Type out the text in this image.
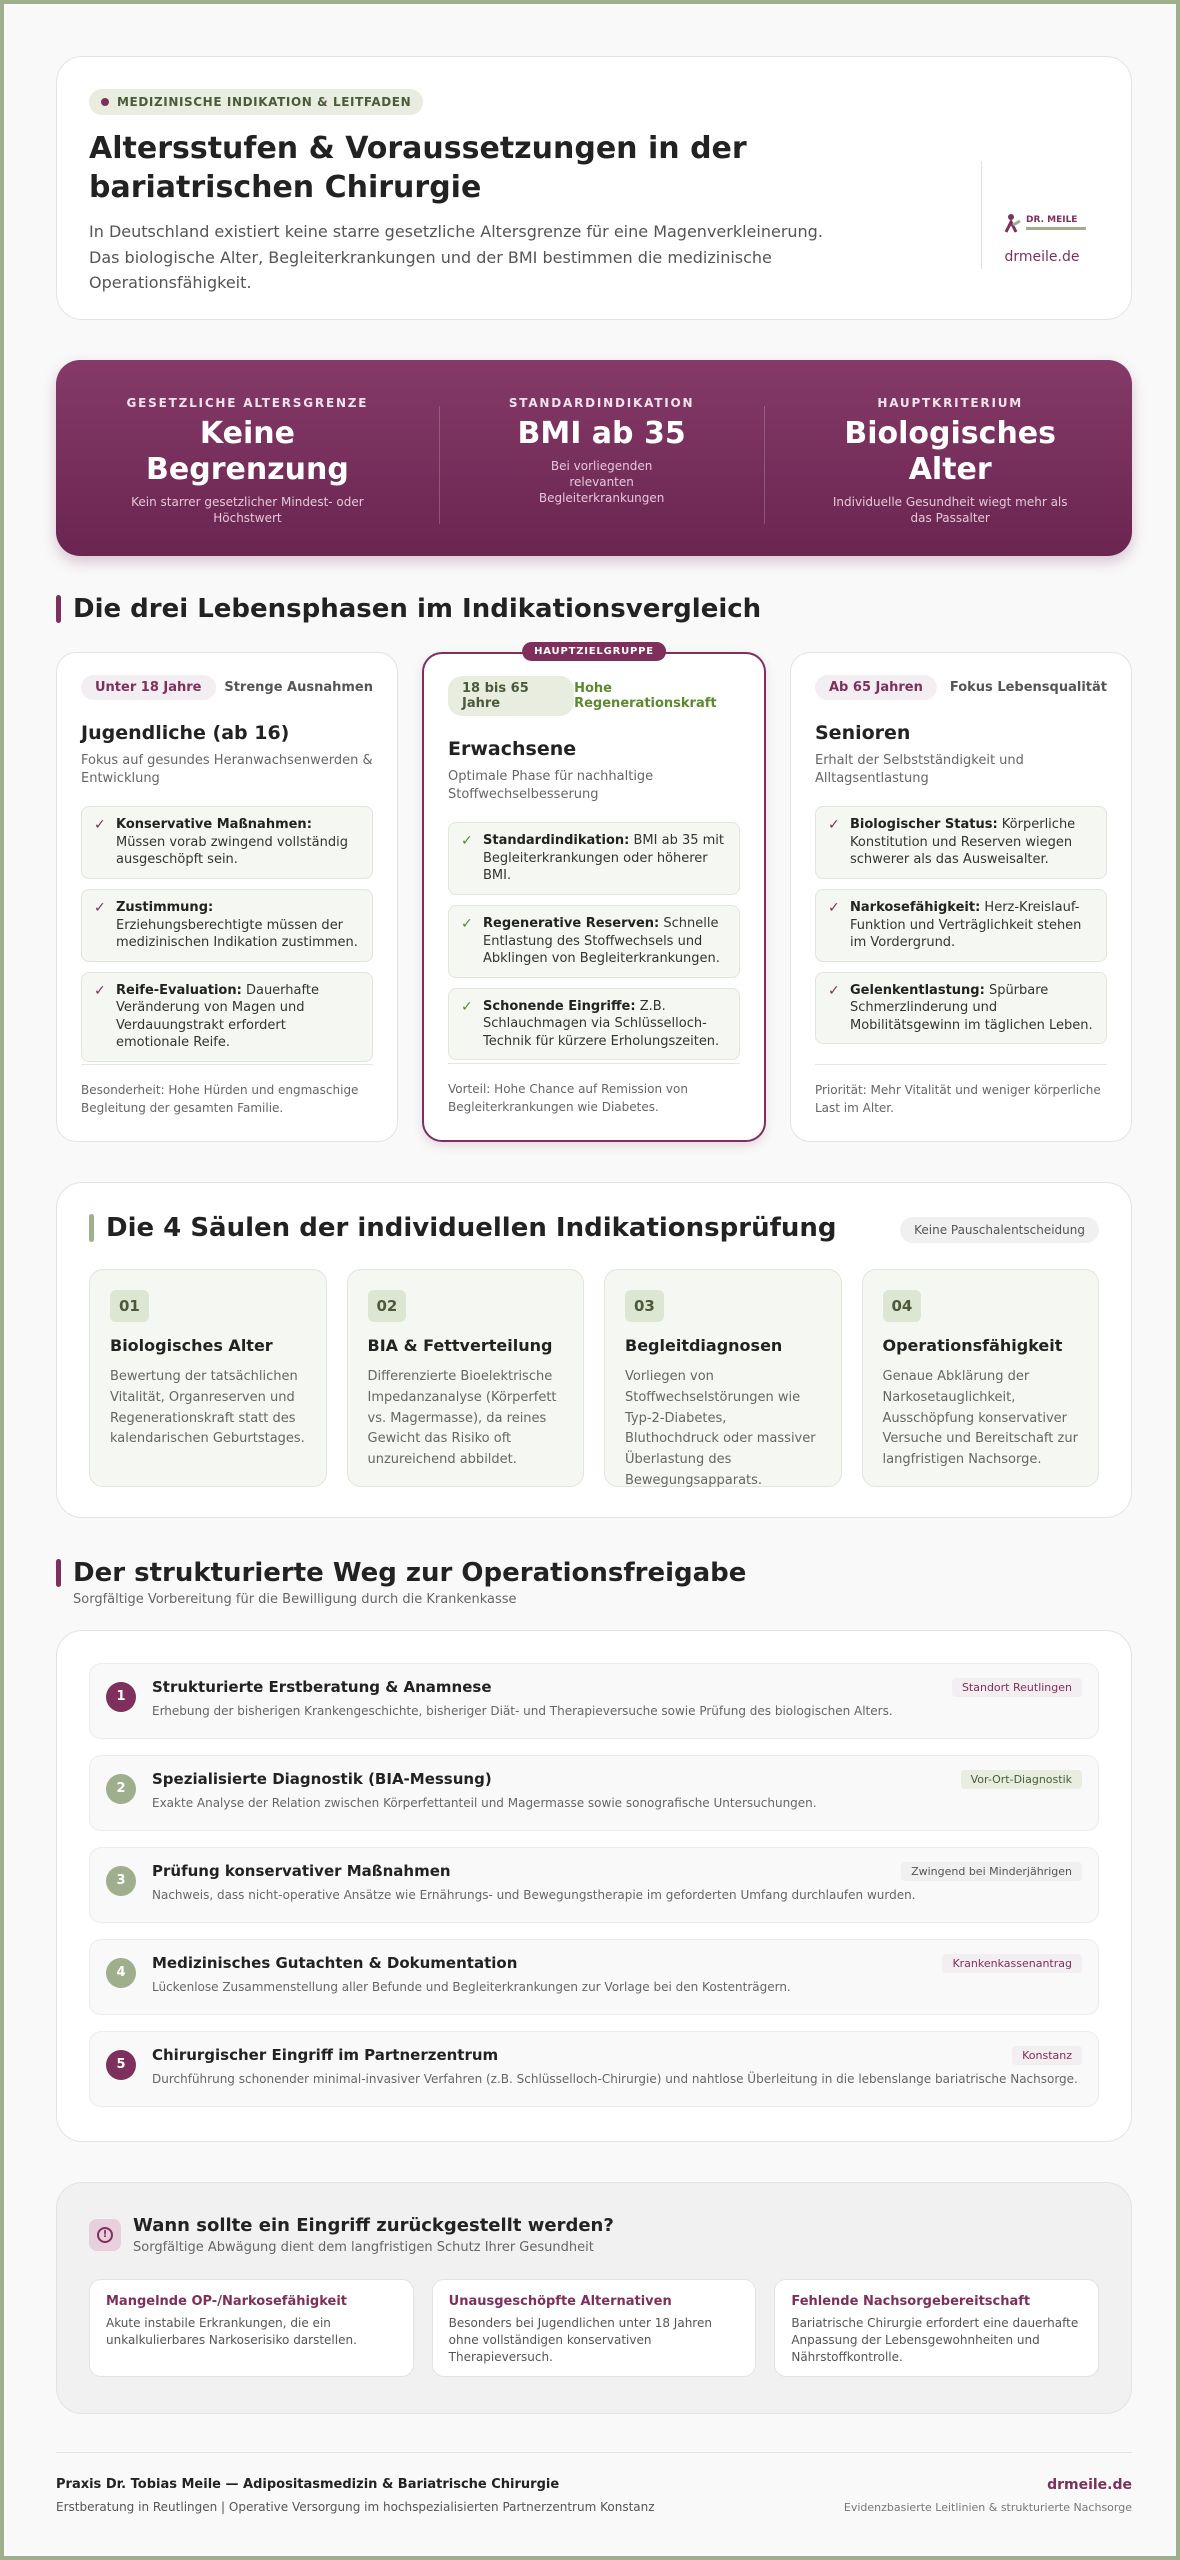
MEDIZINISCHE INDIKATION & LEITFADEN
Altersstufen & Voraussetzungen in der bariatrischen Chirurgie
In Deutschland existiert keine starre gesetzliche Altersgrenze für eine Magenverkleinerung. Das biologische Alter, Begleiterkrankungen und der BMI bestimmen die medizinische Operationsfähigkeit.
DR. MEILE
drmeile.de
GESETZLICHE ALTERSGRENZE
Keine Begrenzung
Kein starrer gesetzlicher Mindest- oder Höchstwert
STANDARDINDIKATION
BMI ab 35
Bei vorliegenden relevanten Begleiterkrankungen
HAUPTKRITERIUM
Biologisches Alter
Individuelle Gesundheit wiegt mehr als das Passalter
Die drei Lebensphasen im Indikationsvergleich
Unter 18 Jahre	Strenge Ausnahmen
Jugendliche (ab 16)
Fokus auf gesundes Heranwachsenwerden & Entwicklung
✓ Konservative Maßnahmen: Müssen vorab zwingend vollständig ausgeschöpft sein.
✓ Zustimmung: Erziehungsberechtigte müssen der medizinischen Indikation zustimmen.
✓ Reife-Evaluation: Dauerhafte Veränderung von Magen und Verdauungstrakt erfordert emotionale Reife.
Besonderheit: Hohe Hürden und engmaschige Begleitung der gesamten Familie.
HAUPTZIELGRUPPE
18 bis 65 Jahre
Hohe Regenerationskraft
Erwachsene
Optimale Phase für nachhaltige Stoffwechselbesserung
✓ Standardindikation: BMI ab 35 mit Begleiterkrankungen oder höherer BMI.
✓ Regenerative Reserven: Schnelle Entlastung des Stoffwechsels und Abklingen von Begleiterkrankungen.
✓ Schonende Eingriffe: Z.B. Schlauchmagen via Schlüsselloch-Technik für kürzere Erholungszeiten.
Vorteil: Hohe Chance auf Remission von Begleiterkrankungen wie Diabetes.
Ab 65 Jahren	Fokus Lebensqualität
Senioren
Erhalt der Selbstständigkeit und Alltagsentlastung
✓ Biologischer Status: Körperliche Konstitution und Reserven wiegen schwerer als das Ausweisalter.
✓ Narkosefähigkeit: Herz-Kreislauf-Funktion und Verträglichkeit stehen im Vordergrund.
✓ Gelenkentlastung: Spürbare Schmerzlinderung und Mobilitätsgewinn im täglichen Leben.
Priorität: Mehr Vitalität und weniger körperliche Last im Alter.
Die 4 Säulen der individuellen Indikationsprüfung	Keine Pauschalentscheidung
01
Biologisches Alter
Bewertung der tatsächlichen Vitalität, Organreserven und Regenerationskraft statt des kalendarischen Geburtstages.
02
BIA & Fettverteilung
Differenzierte Bioelektrische Impedanzanalyse (Körperfett vs. Magermasse), da reines Gewicht das Risiko oft unzureichend abbildet.
03
Begleitdiagnosen
Vorliegen von Stoffwechselstörungen wie Typ-2-Diabetes, Bluthochdruck oder massiver Überlastung des Bewegungsapparats.
04
Operationsfähigkeit
Genaue Abklärung der Narkosetauglichkeit, Ausschöpfung konservativer Versuche und Bereitschaft zur langfristigen Nachsorge.
Der strukturierte Weg zur Operationsfreigabe
Sorgfältige Vorbereitung für die Bewilligung durch die Krankenkasse
1
Strukturierte Erstberatung & Anamnese
Erhebung der bisherigen Krankengeschichte, bisheriger Diät- und Therapieversuche sowie Prüfung des biologischen Alters.
Standort Reutlingen
2
Spezialisierte Diagnostik (BIA-Messung)
Exakte Analyse der Relation zwischen Körperfettanteil und Magermasse sowie sonografische Untersuchungen.
Vor-Ort-Diagnostik
3
Prüfung konservativer Maßnahmen
Nachweis, dass nicht-operative Ansätze wie Ernährungs- und Bewegungstherapie im geforderten Umfang durchlaufen wurden.
Zwingend bei Minderjährigen
4
Medizinisches Gutachten & Dokumentation
Lückenlose Zusammenstellung aller Befunde und Begleiterkrankungen zur Vorlage bei den Kostenträgern.
Krankenkassenantrag
5
Chirurgischer Eingriff im Partnerzentrum
Durchführung schonender minimal-invasiver Verfahren (z.B. Schlüsselloch-Chirurgie) und nahtlose Überleitung in die lebenslange bariatrische Nachsorge.
Konstanz
!	Wann sollte ein Eingriff zurückgestellt werden?
Sorgfältige Abwägung dient dem langfristigen Schutz Ihrer Gesundheit
Mangelnde OP-/Narkosefähigkeit
Akute instabile Erkrankungen, die ein unkalkulierbares Narkoserisiko darstellen.
Unausgeschöpfte Alternativen
Besonders bei Jugendlichen unter 18 Jahren ohne vollständigen konservativen Therapieversuch.
Fehlende Nachsorgebereitschaft
Bariatrische Chirurgie erfordert eine dauerhafte Anpassung der Lebensgewohnheiten und Nährstoffkontrolle.
Praxis Dr. Tobias Meile — Adipositasmedizin & Bariatrische Chirurgie
Erstberatung in Reutlingen | Operative Versorgung im hochspezialisierten Partnerzentrum Konstanz
drmeile.de
Evidenzbasierte Leitlinien & strukturierte Nachsorge
